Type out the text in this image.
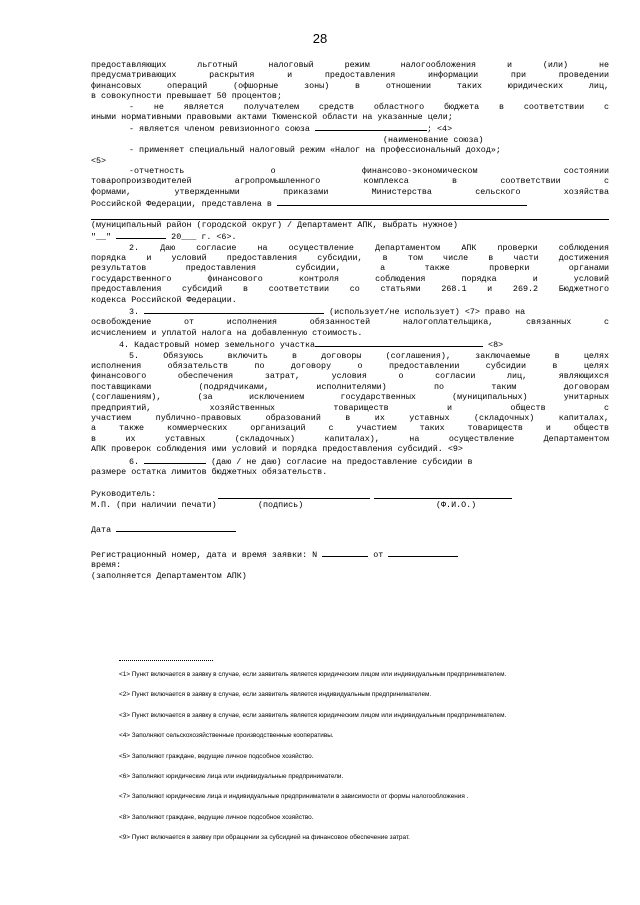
28
предоставляющих льготный налоговый режим налогообложения и (или) не
предусматривающих раскрытия и предоставления информации при проведении
финансовых операций (офшорные зоны) в отношении таких юридических лиц,
в совокупности превышает 50 процентов;
- не является получателем средств областного бюджета в соответствии с
иными нормативными правовыми актами Тюменской области на указанные цели;
- является членом ревизионного союза	; <4>
(наименование союза)
- применяет специальный налоговый режим «Налог на профессиональный доход»;
<5>
-отчетность о финансово-экономическом состоянии
товаропроизводителей агропромышленного комплекса в соответствии с
формами, утвержденными приказами Министерства сельского хозяйства
Российской Федерации, представлена в
(муниципальный район (городской округ) / Департамент АПК, выбрать нужное)
"__"	20___ г. <6>.
2. Даю согласие на осуществление Департаментом АПК проверки соблюдения
порядка и условий предоставления субсидии, в том числе в части достижения
результатов предоставления субсидии, а также проверки органами
государственного финансового контроля соблюдения порядка и условий
предоставления субсидий в соответствии со статьями 268.1 и 269.2 Бюджетного
кодекса Российской Федерации.
3.	(использует/не использует) <7> право на
освобождение от исполнения обязанностей налогоплательщика, связанных с
исчислением и уплатой налога на добавленную стоимость.
4. Кадастровый номер земельного участка	<8>
5. Обязуюсь включить в договоры (соглашения), заключаемые в целях
исполнения обязательств по договору о предоставлении субсидии в целях
финансового обеспечения затрат, условия о согласии лиц, являющихся
поставщиками (подрядчиками, исполнителями) по таким договорам
(соглашениям), (за исключением государственных (муниципальных) унитарных
предприятий, хозяйственных товариществ и обществ с
участием публично-правовых образований в их уставных (складочных) капиталах,
а также коммерческих организаций с участием таких товариществ и обществ
в их уставных (складочных) капиталах), на осуществление Департаментом
АПК проверок соблюдения ими условий и порядка предоставления субсидий. <9>
6.	(даю / не даю) согласие на предоставление субсидии в
размере остатка лимитов бюджетных обязательств.
Руководитель:
М.П. (при наличии печати)	(подпись)	(Ф.И.О.)
Дата
Регистрационный номер, дата и время заявки: N	от
время:
(заполняется Департаментом АПК)

<1> Пункт включается в заявку в случае, если заявитель является юридическим лицом или индивидуальным предпринимателем.

<2> Пункт включается в заявку в случае, если заявитель является индивидуальным предпринимателем.

<3> Пункт включается в заявку в случае, если заявитель является юридическим лицом или индивидуальным предпринимателем.

<4> Заполняют сельскохозяйственные производственные кооперативы.

<5> Заполняют граждане, ведущие личное подсобное хозяйство.

<6> Заполняют юридические лица или индивидуальные предприниматели.

<7> Заполняют юридические лица и индивидуальные предприниматели в зависимости от формы налогообложения .

<8> Заполняют граждане, ведущие личное подсобное хозяйство.

<9> Пункт включается в заявку при обращении за субсидией на финансовое обеспечение затрат.
